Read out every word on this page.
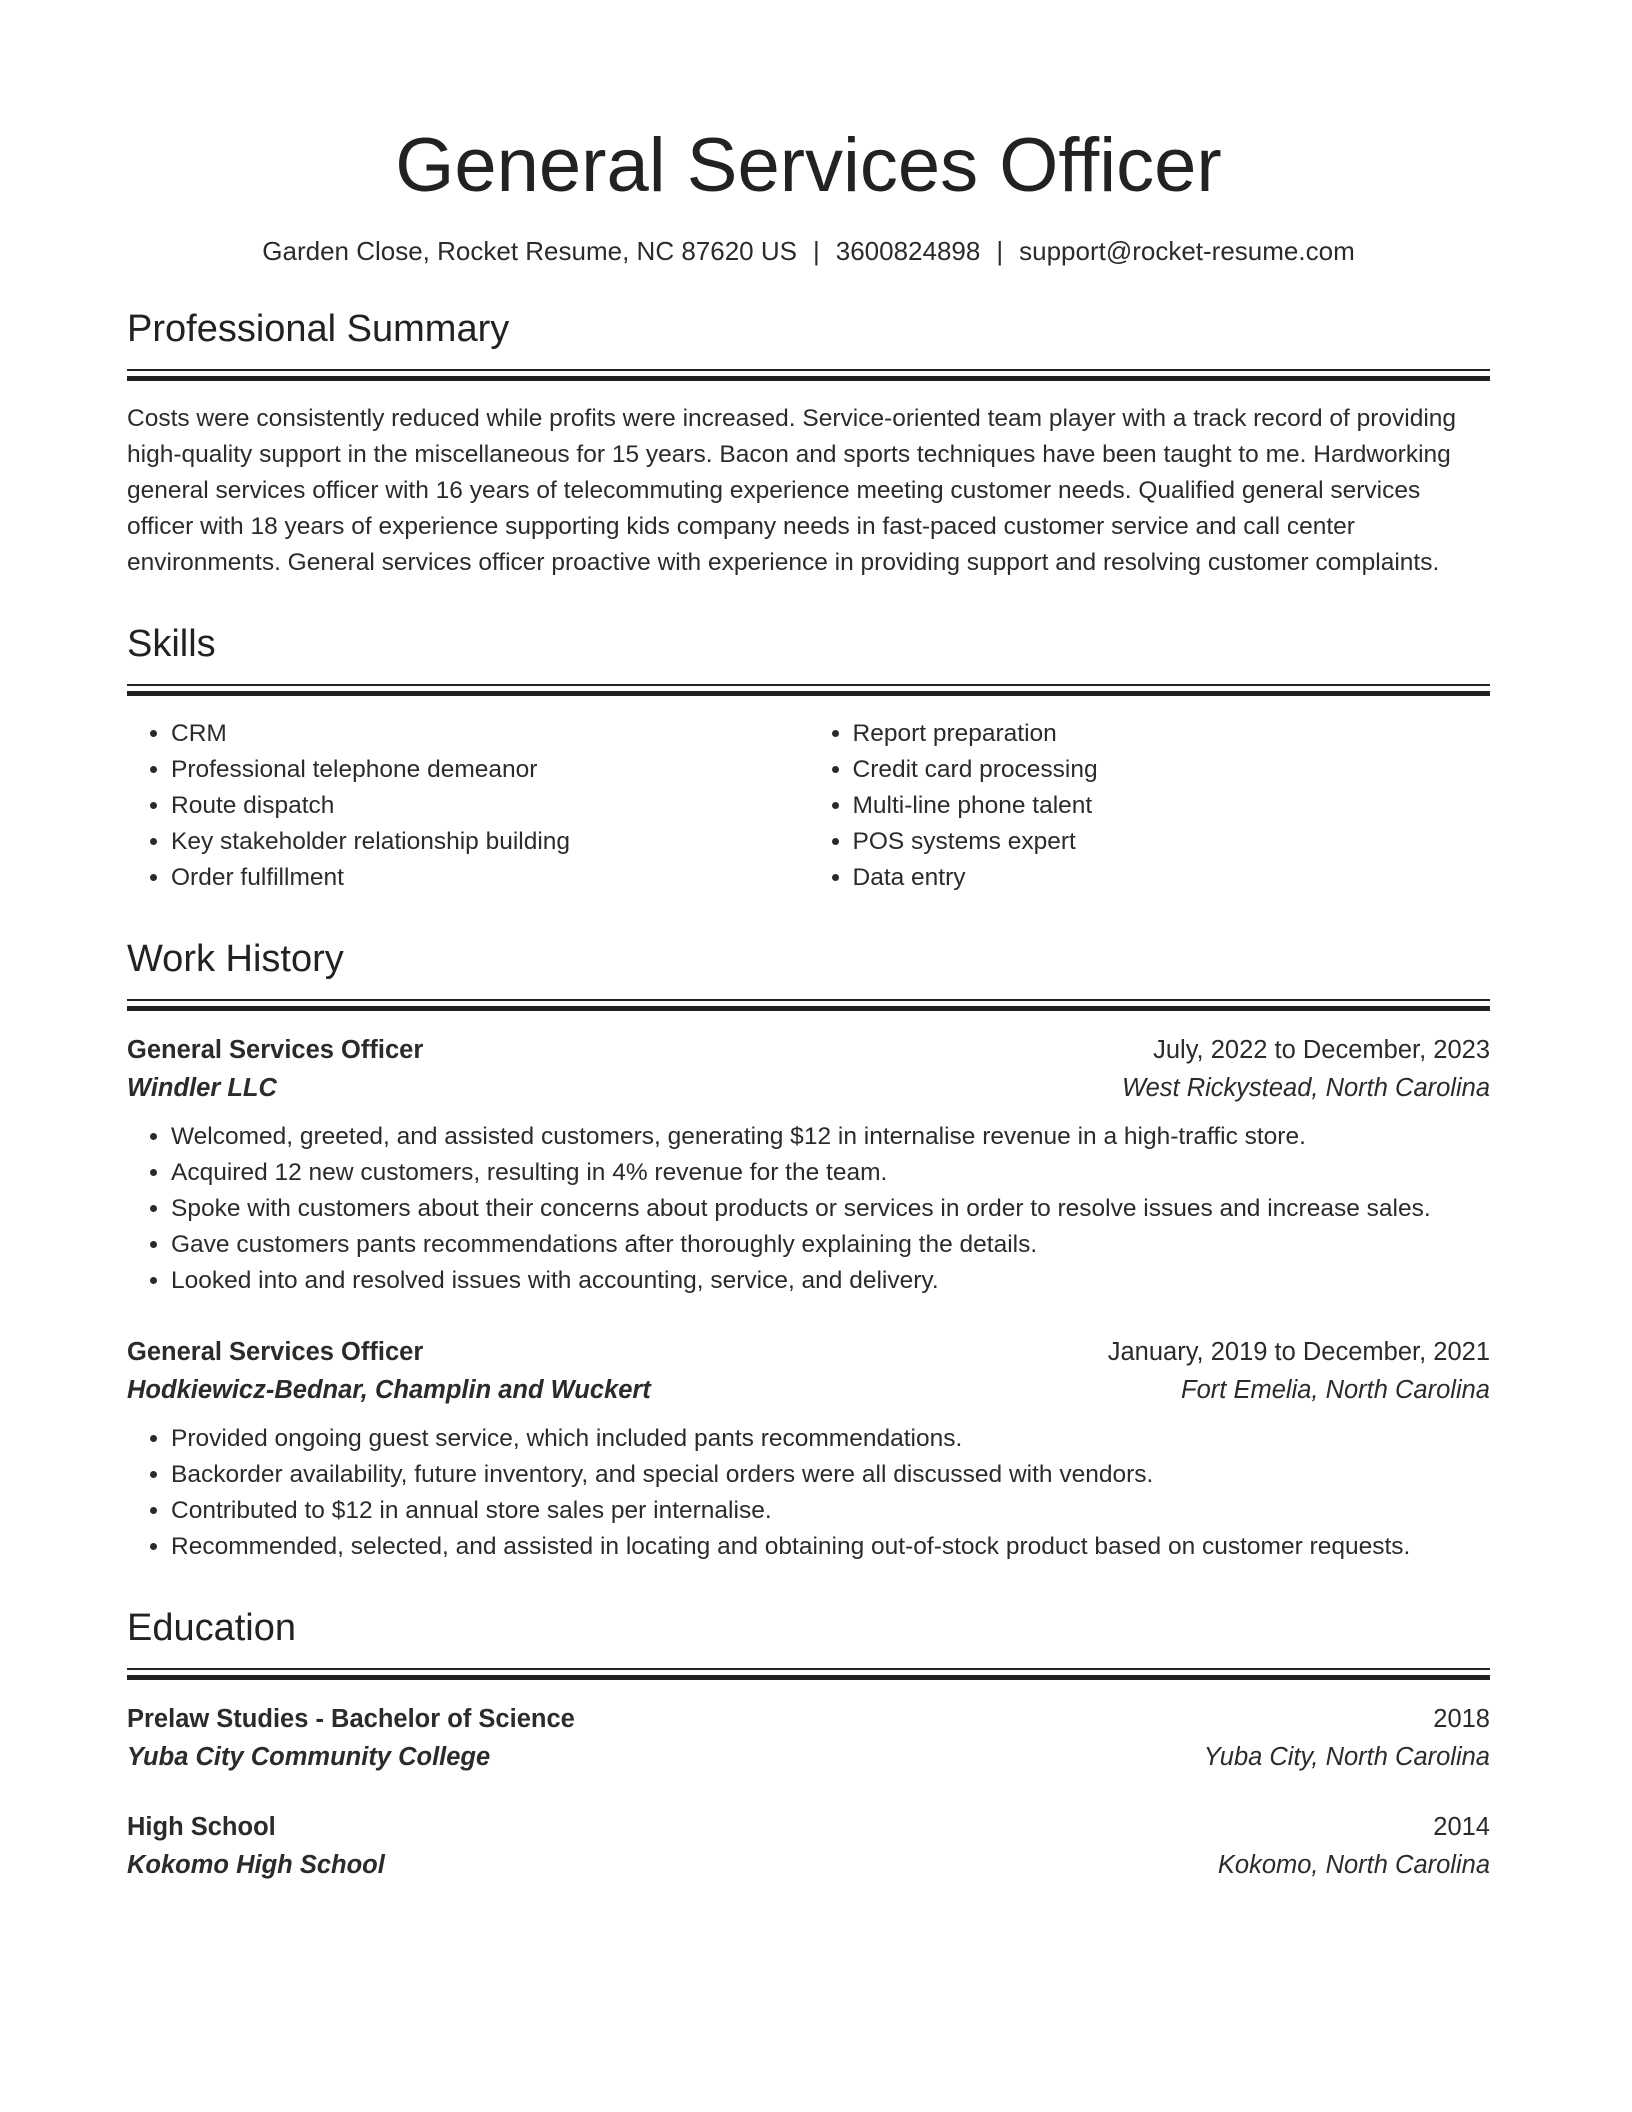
General Services Officer
Garden Close, Rocket Resume, NC 87620 US | 3600824898 | support@rocket-resume.com
Professional Summary

Costs were consistently reduced while profits were increased. Service-oriented team player with a track record of providing high-quality support in the miscellaneous for 15 years. Bacon and sports techniques have been taught to me. Hardworking general services officer with 16 years of telecommuting experience meeting customer needs. Qualified general services officer with 18 years of experience supporting kids company needs in fast-paced customer service and call center environments. General services officer proactive with experience in providing support and resolving customer complaints.

Skills
• CRM
• Professional telephone demeanor
• Route dispatch
• Key stakeholder relationship building
• Order fulfillment
• Report preparation
• Credit card processing
• Multi-line phone talent
• POS systems expert
• Data entry
Work History
General Services Officer	July, 2022 to December, 2023
Windler LLC	West Rickystead, North Carolina
• Welcomed, greeted, and assisted customers, generating $12 in internalise revenue in a high-traffic store.
• Acquired 12 new customers, resulting in 4% revenue for the team.
• Spoke with customers about their concerns about products or services in order to resolve issues and increase sales.
• Gave customers pants recommendations after thoroughly explaining the details.
• Looked into and resolved issues with accounting, service, and delivery.
General Services Officer	January, 2019 to December, 2021
Hodkiewicz-Bednar, Champlin and Wuckert	Fort Emelia, North Carolina
• Provided ongoing guest service, which included pants recommendations.
• Backorder availability, future inventory, and special orders were all discussed with vendors.
• Contributed to $12 in annual store sales per internalise.
• Recommended, selected, and assisted in locating and obtaining out-of-stock product based on customer requests.
Education
Prelaw Studies - Bachelor of Science	2018
Yuba City Community College	Yuba City, North Carolina
High School	2014
Kokomo High School	Kokomo, North Carolina
